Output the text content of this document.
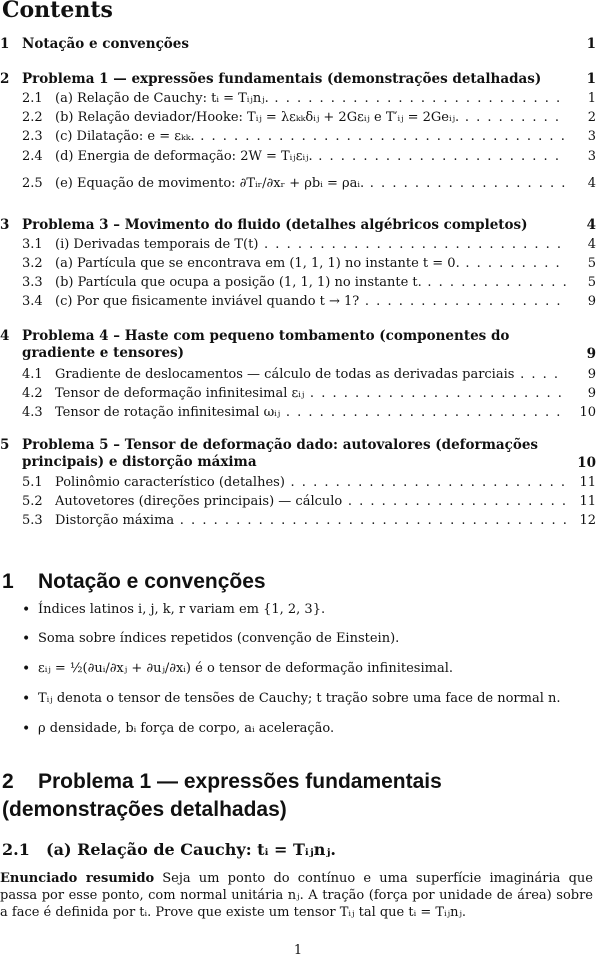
Contents
1 Notação e convenções	1
2 Problema 1 — expressões fundamentais (demonstrações detalhadas)	1
2.1 (a) Relação de Cauchy: tᵢ = Tᵢⱼnⱼ. . . .	1
2.2 (b) Relação deviador/Hooke: Tᵢⱼ = λεₖₖδᵢⱼ + 2Gεᵢⱼ e T′ᵢⱼ = 2Geᵢⱼ. . . .	2
2.3 (c) Dilatação: e = εₖₖ. . . .	3
2.4 (d) Energia de deformação: 2W = Tᵢⱼεᵢⱼ. . . .	3
2.5 (e) Equação de movimento: ∂Tᵢᵣ/∂xᵣ + ρbᵢ = ρaᵢ. . . .	4
3 Problema 3 – Movimento do fluido (detalhes algébricos completos)	4
3.1 (i) Derivadas temporais de T(t) . . .	4
3.2 (a) Partícula que se encontrava em (1, 1, 1) no instante t = 0. . . .	5
3.3 (b) Partícula que ocupa a posição (1, 1, 1) no instante t. . . .	5
3.4 (c) Por que fisicamente inviável quando t → 1? . . .	9
4 Problema 4 – Haste com pequeno tombamento (componentes do gradiente e tensores)	9
4.1 Gradiente de deslocamentos — cálculo de todas as derivadas parciais . . .	9
4.2 Tensor de deformação infinitesimal εᵢⱼ . . .	9
4.3 Tensor de rotação infinitesimal ωᵢⱼ . . .	10
5 Problema 5 – Tensor de deformação dado: autovalores (deformações principais) e distorção máxima	10
5.1 Polinômio característico (detalhes) . . .	11
5.2 Autovetores (direções principais) — cálculo . . .	11
5.3 Distorção máxima . . .	12
1 Notação e convenções
• Índices latinos i, j, k, r variam em {1, 2, 3}.
• Soma sobre índices repetidos (convenção de Einstein).
• εᵢⱼ = ½(∂uᵢ/∂xⱼ + ∂uⱼ/∂xᵢ) é o tensor de deformação infinitesimal.
• Tᵢⱼ denota o tensor de tensões de Cauchy; t tração sobre uma face de normal n.
• ρ densidade, bᵢ força de corpo, aᵢ aceleração.
2 Problema 1 — expressões fundamentais (demonstrações detalhadas)
2.1 (a) Relação de Cauchy: tᵢ = Tᵢⱼnⱼ.

Enunciado resumido Seja um ponto do contínuo e uma superfície imaginária que passa por esse ponto, com normal unitária nⱼ. A tração (força por unidade de área) sobre a face é definida por tᵢ. Prove que existe um tensor Tᵢⱼ tal que tᵢ = Tᵢⱼnⱼ.

1
